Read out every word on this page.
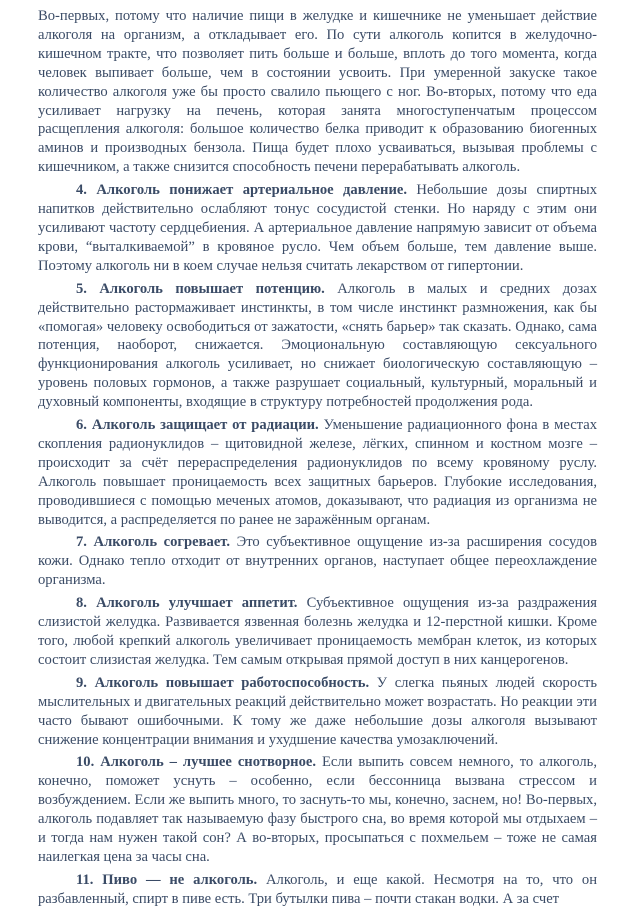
Во-первых, потому что наличие пищи в желудке и кишечнике не уменьшает действие алкоголя на организм, а откладывает его. По сути алкоголь копится в желудочно-кишечном тракте, что позволяет пить больше и больше, вплоть до того момента, когда человек выпивает больше, чем в состоянии усвоить. При умеренной закуске такое количество алкоголя уже бы просто свалило пьющего с ног. Во-вторых, потому что еда усиливает нагрузку на печень, которая занята многоступенчатым процессом расщепления алкоголя: большое количество белка приводит к образованию биогенных аминов и производных бензола. Пища будет плохо усваиваться, вызывая проблемы с кишечником, а также снизится способность печени перерабатывать алкоголь.

4. Алкоголь понижает артериальное давление. Небольшие дозы спиртных напитков действительно ослабляют тонус сосудистой стенки. Но наряду с этим они усиливают частоту сердцебиения. А артериальное давление напрямую зависит от объема крови, “выталкиваемой” в кровяное русло. Чем объем больше, тем давление выше. Поэтому алкоголь ни в коем случае нельзя считать лекарством от гипертонии.

5. Алкоголь повышает потенцию. Алкоголь в малых и средних дозах действительно растормаживает инстинкты, в том числе инстинкт размножения, как бы «помогая» человеку освободиться от зажатости, «снять барьер» так сказать. Однако, сама потенция, наоборот, снижается. Эмоциональную составляющую сексуального функционирования алкоголь усиливает, но снижает биологическую составляющую – уровень половых гормонов, а также разрушает социальный, культурный, моральный и духовный компоненты, входящие в структуру потребностей продолжения рода.

6. Алкоголь защищает от радиации. Уменьшение радиационного фона в местах скопления радионуклидов – щитовидной железе, лёгких, спинном и костном мозге – происходит за счёт перераспределения радионуклидов по всему кровяному руслу. Алкоголь повышает проницаемость всех защитных барьеров. Глубокие исследования, проводившиеся с помощью меченых атомов, доказывают, что радиация из организма не выводится, а распределяется по ранее не заражённым органам.

7. Алкоголь согревает. Это субъективное ощущение из-за расширения сосудов кожи. Однако тепло отходит от внутренних органов, наступает общее переохлаждение организма.

8. Алкоголь улучшает аппетит. Субъективное ощущения из-за раздражения слизистой желудка. Развивается язвенная болезнь желудка и 12-перстной кишки. Кроме того, любой крепкий алкоголь увеличивает проницаемость мембран клеток, из которых состоит слизистая желудка. Тем самым открывая прямой доступ в них канцерогенов.

9. Алкоголь повышает работоспособность. У слегка пьяных людей скорость мыслительных и двигательных реакций действительно может возрастать. Но реакции эти часто бывают ошибочными. К тому же даже небольшие дозы алкоголя вызывают снижение концентрации внимания и ухудшение качества умозаключений.

10. Алкоголь – лучшее снотворное. Если выпить совсем немного, то алкоголь, конечно, поможет уснуть – особенно, если бессонница вызвана стрессом и возбуждением. Если же выпить много, то заснуть-то мы, конечно, заснем, но! Во-первых, алкоголь подавляет так называемую фазу быстрого сна, во время которой мы отдыхаем – и тогда нам нужен такой сон? А во-вторых, просыпаться с похмельем – тоже не самая наилегкая цена за часы сна.

11. Пиво — не алкоголь. Алкоголь, и еще какой. Несмотря на то, что он разбавленный, спирт в пиве есть. Три бутылки пива – почти стакан водки. А за счет
